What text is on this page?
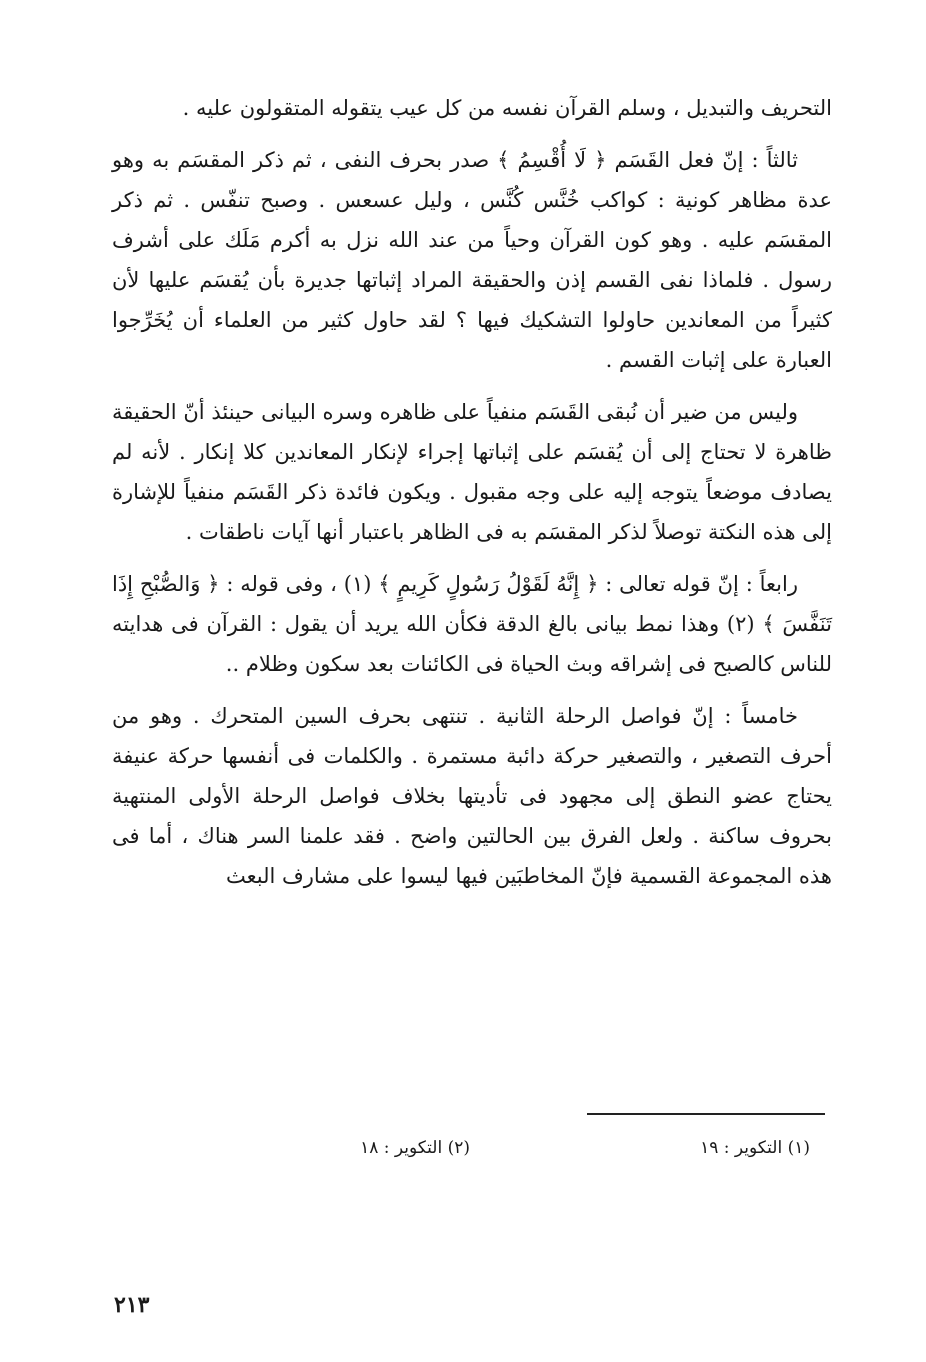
التحريف والتبديل ، وسلم القرآن نفسه من كل عيب يتقوله المتقولون عليه .

ثالثاً : إنّ فعل القَسَم ﴿ لَا أُقْسِمُ ﴾ صدر بحرف النفى ، ثم ذكر المقسَم به وهو عدة مظاهر كونية : كواكب خُنَّس كُنَّس ، وليل عسعس . وصبح تنفّس . ثم ذكر المقسَم عليه . وهو كون القرآن وحياً من عند الله نزل به أكرم مَلَك على أشرف رسول . فلماذا نفى القسم إذن والحقيقة المراد إثباتها جديرة بأن يُقسَم عليها لأن كثيراً من المعاندين حاولوا التشكيك فيها ؟ لقد حاول كثير من العلماء أن يُخَرِّجوا العبارة على إثبات القسم .

وليس من ضير أن نُبقى القَسَم منفياً على ظاهره وسره البيانى حينئذ أنّ الحقيقة ظاهرة لا تحتاج إلى أن يُقسَم على إثباتها إجراء لإنكار المعاندين كلا إنكار . لأنه لم يصادف موضعاً يتوجه إليه على وجه مقبول . ويكون فائدة ذكر القَسَم منفياً للإشارة إلى هذه النكتة توصلاً لذكر المقسَم به فى الظاهر باعتبار أنها آيات ناطقات .

رابعاً : إنّ قوله تعالى : ﴿ إِنَّهُ لَقَوْلُ رَسُولٍ كَرِيمٍ ﴾ (١) ، وفى قوله : ﴿ وَالصُّبْحِ إِذَا تَنَفَّسَ ﴾ (٢) وهذا نمط بيانى بالغ الدقة فكأن الله يريد أن يقول : القرآن فى هدايته للناس كالصبح فى إشراقه وبث الحياة فى الكائنات بعد سكون وظلام ..

خامساً : إنّ فواصل الرحلة الثانية . تنتهى بحرف السين المتحرك . وهو من أحرف التصغير ، والتصغير حركة دائبة مستمرة . والكلمات فى أنفسها حركة عنيفة يحتاج عضو النطق إلى مجهود فى تأديتها بخلاف فواصل الرحلة الأولى المنتهية بحروف ساكنة . ولعل الفرق بين الحالتين واضح . فقد علمنا السر هناك ، أما فى هذه المجموعة القسمية فإنّ المخاطبَين فيها ليسوا على مشارف البعث

(١) التكوير : ١٩
(٢) التكوير : ١٨
٢١٣
